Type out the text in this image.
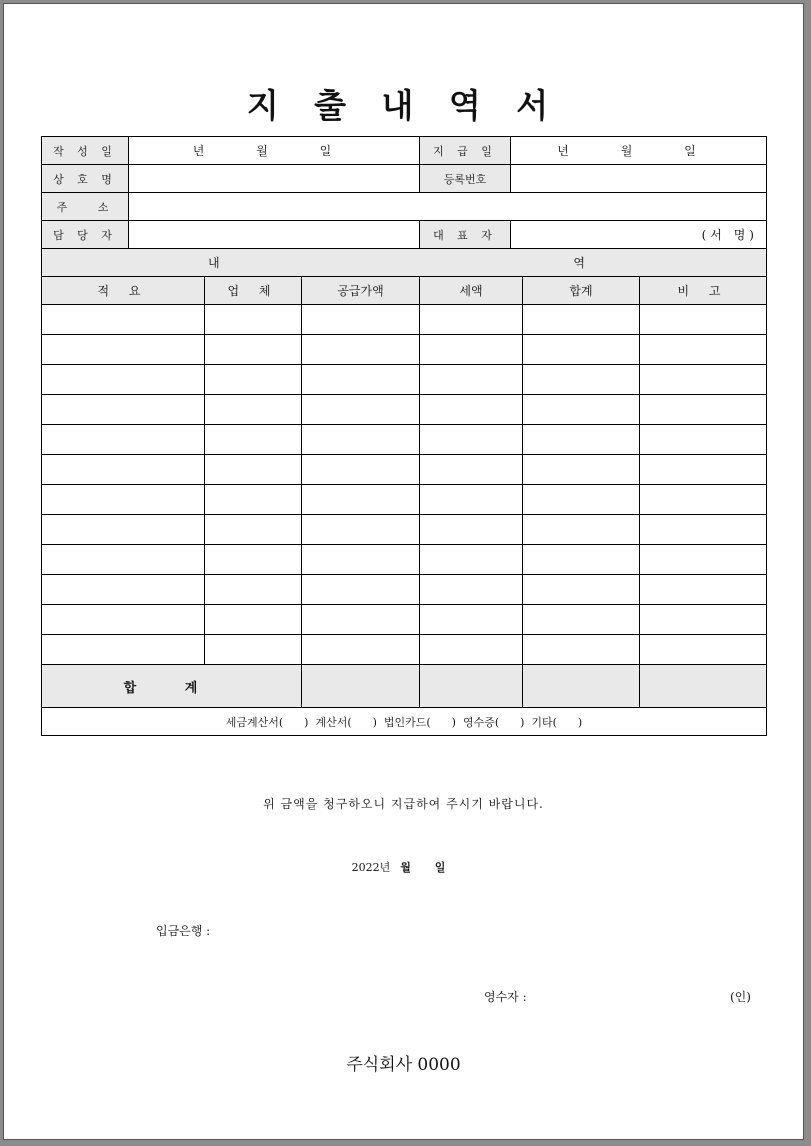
지 출 내 역 서
작 성 일	년 월 일			지 급 일	년 월 일		
상 호 명				등록번호			
주   소							
담 당 자				대 표 자	(서 명)		
내 역							
적 요		업 체	공급가액	세액		합계	비 고

합 계							
세금계산서(      )  계산서(      )  법인카드(      )  영수증(      )  기타(      )							
위 금액을 청구하오니 지급하여 주시기 바랍니다.
2022년 월 일
입금은행 :
영수자 :	(인)
주식회사 0000
